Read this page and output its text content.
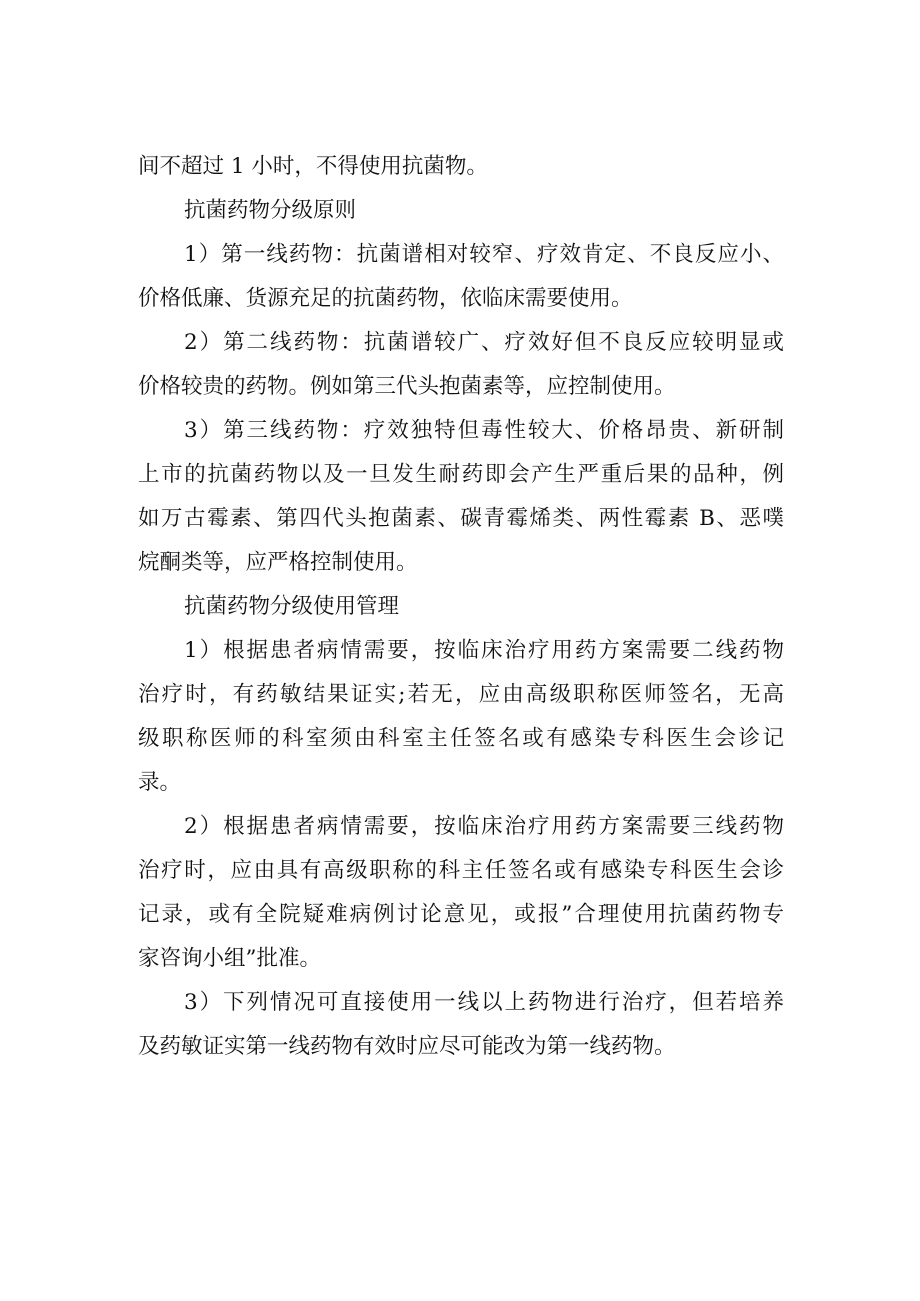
间不超过 1 小时，不得使用抗菌物。

抗菌药物分级原则

1）第一线药物：抗菌谱相对较窄、疗效肯定、不良反应小、

价格低廉、货源充足的抗菌药物，依临床需要使用。

2）第二线药物：抗菌谱较广、疗效好但不良反应较明显或

价格较贵的药物。例如第三代头抱菌素等，应控制使用。

3）第三线药物：疗效独特但毒性较大、价格昂贵、新研制

上市的抗菌药物以及一旦发生耐药即会产生严重后果的品种，例

如万古霉素、第四代头抱菌素、碳青霉烯类、两性霉素 B、恶噗

烷酮类等，应严格控制使用。

抗菌药物分级使用管理

1）根据患者病情需要，按临床治疗用药方案需要二线药物

治疗时，有药敏结果证实;若无，应由高级职称医师签名，无高

级职称医师的科室须由科室主任签名或有感染专科医生会诊记

录。

2）根据患者病情需要，按临床治疗用药方案需要三线药物

治疗时，应由具有高级职称的科主任签名或有感染专科医生会诊

记录，或有全院疑难病例讨论意见，或报”合理使用抗菌药物专

家咨询小组”批准。

3）下列情况可直接使用一线以上药物进行治疗，但若培养

及药敏证实第一线药物有效时应尽可能改为第一线药物。
